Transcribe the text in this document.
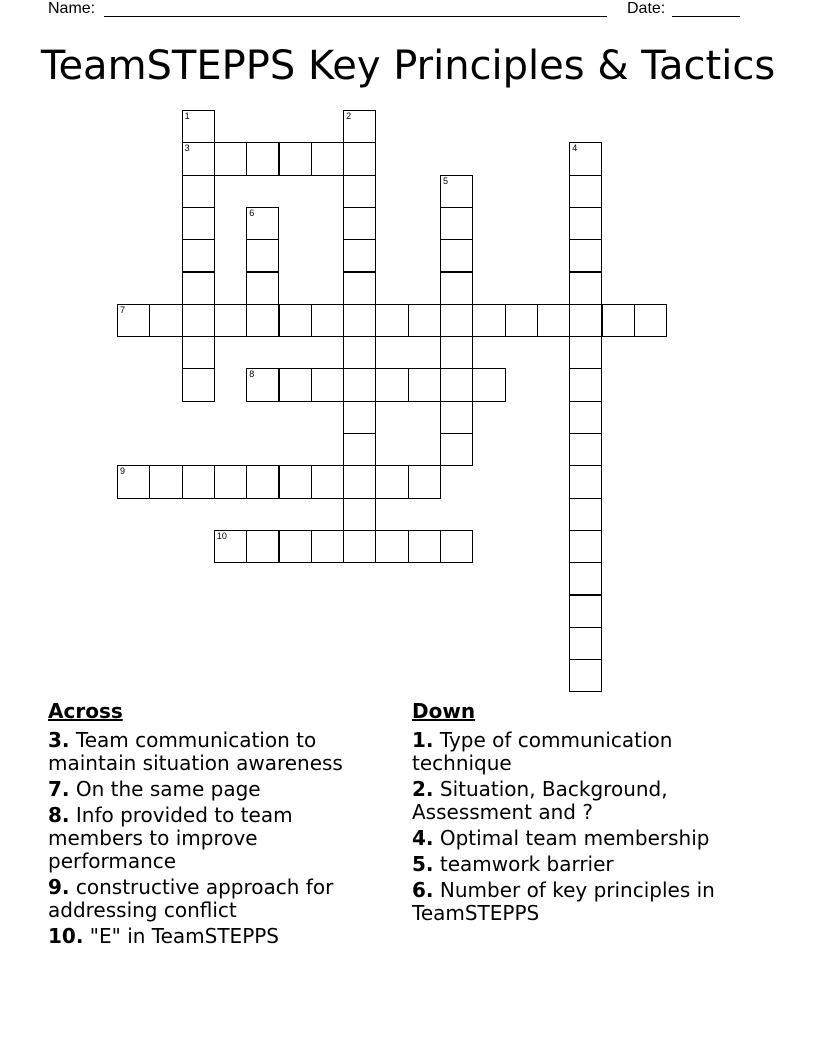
Name:	Date:
TeamSTEPPS Key Principles & Tactics
1
3
2
4
5
6
7
8
9
10
Across
3. Team communication to maintain situation awareness
7. On the same page
8. Info provided to team members to improve performance
9. constructive approach for addressing conflict
10. "E" in TeamSTEPPS
Down
1. Type of communication technique
2. Situation, Background, Assessment and ?
4. Optimal team membership
5. teamwork barrier
6. Number of key principles in TeamSTEPPS
